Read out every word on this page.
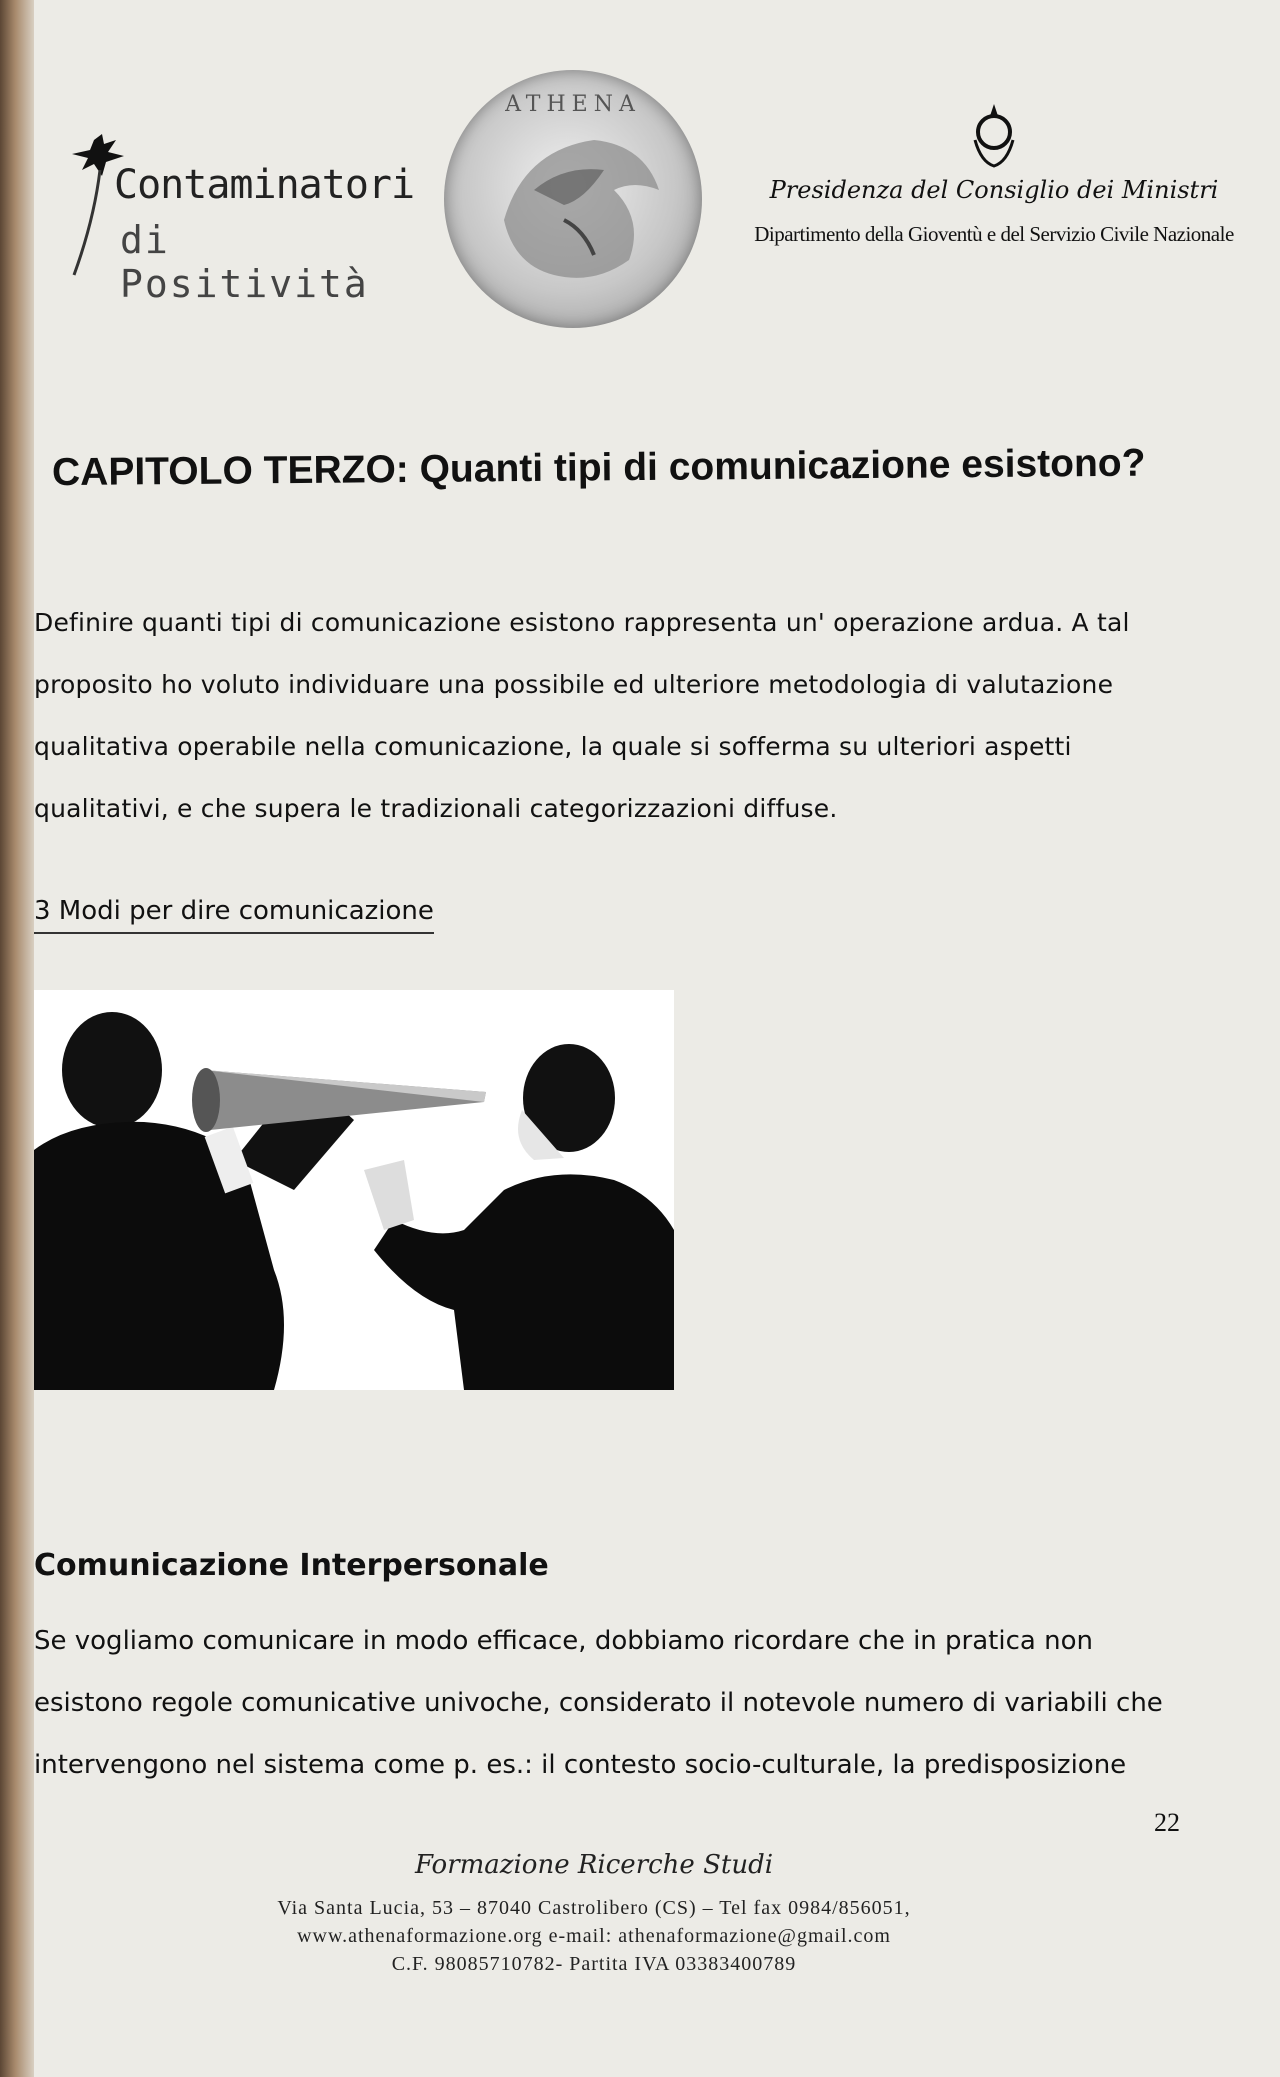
Contaminatori
di Positività
ATHENA
Presidenza del Consiglio dei Ministri
Dipartimento della Gioventù e del Servizio Civile Nazionale
CAPITOLO TERZO: Quanti tipi di comunicazione esistono?
Definire quanti tipi di comunicazione esistono rappresenta un' operazione ardua. A tal
proposito ho voluto individuare una possibile ed ulteriore metodologia di valutazione
qualitativa operabile nella comunicazione, la quale si sofferma su ulteriori aspetti
qualitativi, e che supera le tradizionali categorizzazioni diffuse.
3 Modi per dire comunicazione
Comunicazione Interpersonale
Se vogliamo comunicare in modo efficace, dobbiamo ricordare che in pratica non
esistono regole comunicative univoche, considerato il notevole numero di variabili che
intervengono nel sistema come p. es.: il contesto socio-culturale, la predisposizione
22
Formazione Ricerche Studi
Via Santa Lucia, 53 – 87040 Castrolibero (CS) – Tel fax 0984/856051,
www.athenaformazione.org e-mail: athenaformazione@gmail.com
C.F. 98085710782- Partita IVA 03383400789
